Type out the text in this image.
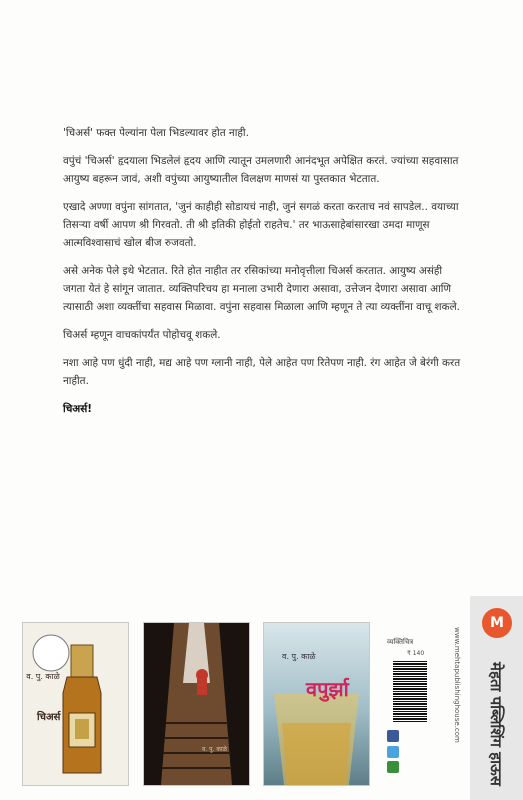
'चिअर्स' फक्त पेल्यांना पेला भिडल्यावर होत नाही.

वपुंचं 'चिअर्स' हृदयाला भिडलेलं हृदय आणि त्यातून उमलणारी आनंदभूत अपेक्षित करतं. ज्यांच्या सहवासात आयुष्य बहरून जावं, अशी वपुंच्या आयुष्यातील विलक्षण माणसं या पुस्तकात भेटतात.

एखादे अण्णा वपुंना सांगतात, 'जुनं काहीही सोडायचं नाही, जुनं सगळं करता करताच नवं सापडेल.. वयाच्या तिसऱ्या वर्षी आपण श्री गिरवतो. ती श्री इतिकी होईतो राहतेच.' तर भाऊसाहेबांसारखा उमदा माणूस आत्मविश्वासाचं खोल बीज रुजवतो.

असे अनेक पेले इथे भेटतात. रिते होत नाहीत तर रसिकांच्या मनोवृत्तीला चिअर्स करतात. आयुष्य असंही जगता येतं हे सांगून जातात. व्यक्तिपरिचय हा मनाला उभारी देणारा असावा, उत्तेजन देणारा असावा आणि त्यासाठी अशा व्यक्तींचा सहवास मिळावा. वपुंना सहवास मिळाला आणि म्हणून ते त्या व्यक्तींना वाचू शकले.

चिअर्स म्हणून वाचकांपर्यंत पोहोचवू शकले.

नशा आहे पण धुंदी नाही, मद्य आहे पण ग्लानी नाही, पेले आहेत पण रितेपण नाही. रंग आहेत जे बेरंगी करत नाहीत.

चिअर्स!

चिअर्स
व. पु. काळे
व. पु. काळे
व. पु. काळे
वपुर्झा
व्यक्तिचित्र
₹ 140	www.mehtapublishinghouse.com
M
मेहता पब्लिशिंग हाऊस
